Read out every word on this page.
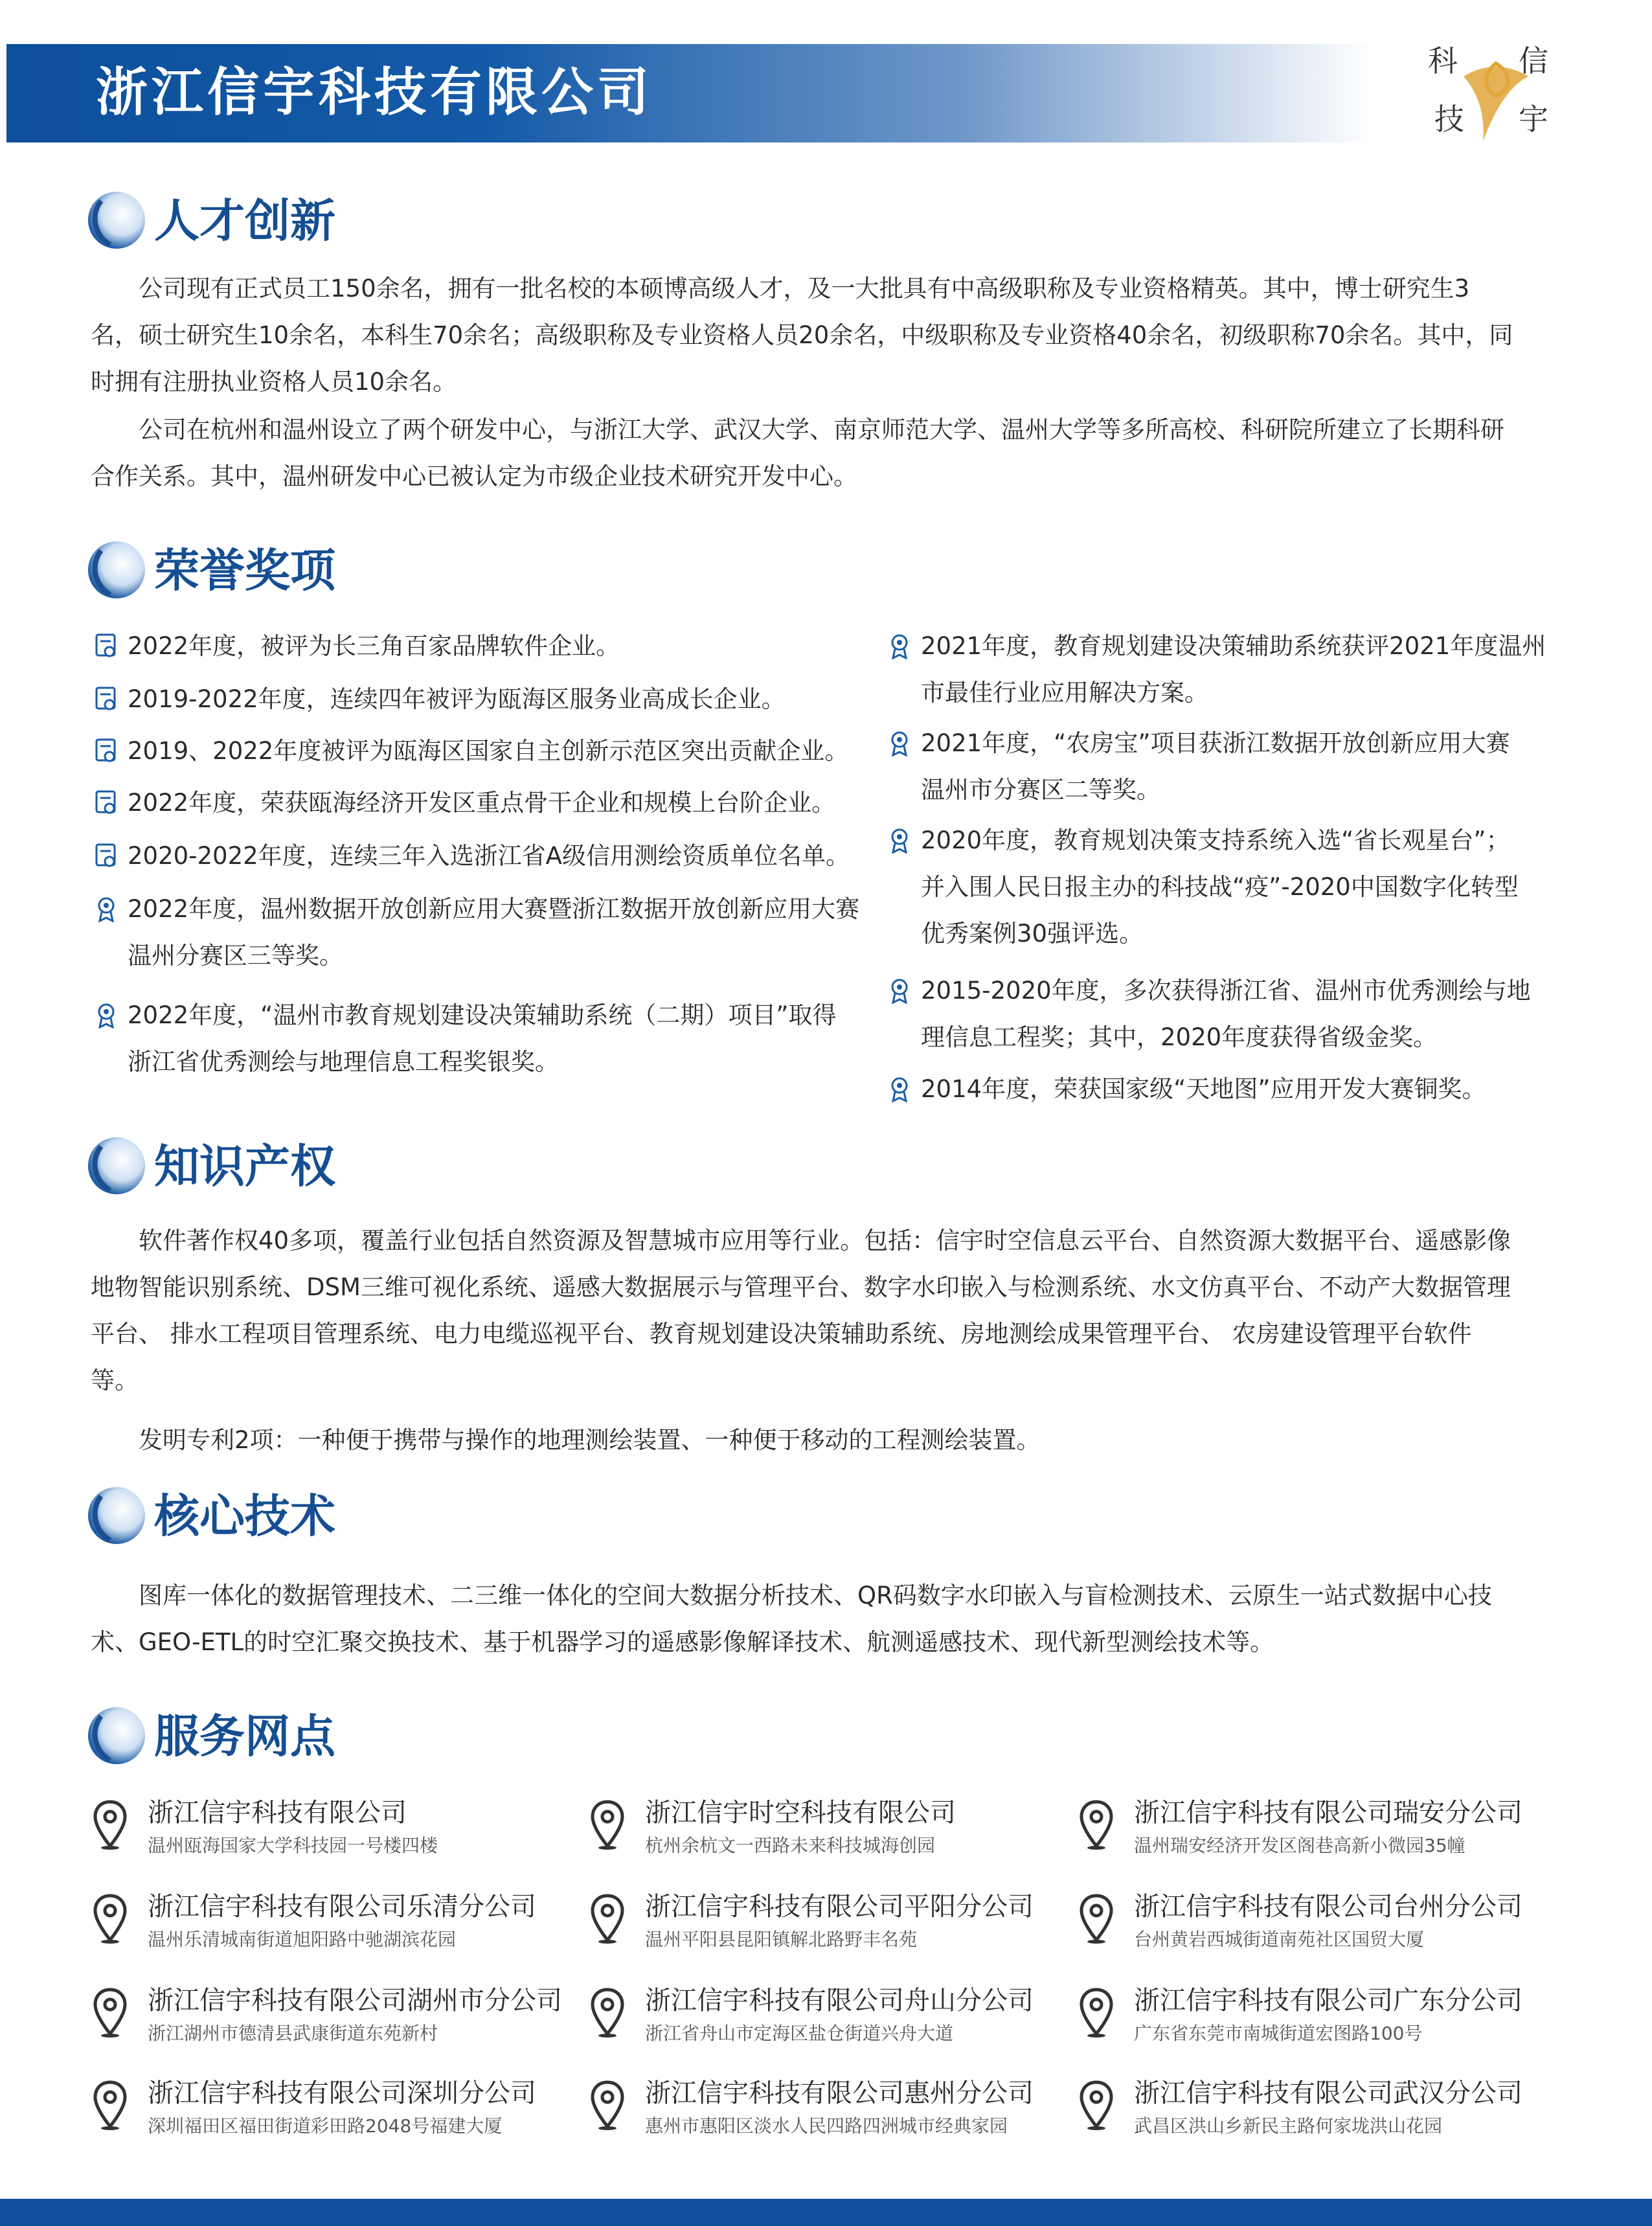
浙江信宇科技有限公司
科 信
技 宇
人才创新

公司现有正式员工150余名，拥有一批名校的本硕博高级人才，及一大批具有中高级职称及专业资格精英。其中，博士研究生3名，硕士研究生10余名，本科生70余名；高级职称及专业资格人员20余名，中级职称及专业资格40余名，初级职称70余名。其中，同时拥有注册执业资格人员10余名。

公司在杭州和温州设立了两个研发中心，与浙江大学、武汉大学、南京师范大学、温州大学等多所高校、科研院所建立了长期科研合作关系。其中，温州研发中心已被认定为市级企业技术研究开发中心。

荣誉奖项
2022年度，被评为长三角百家品牌软件企业。
2019-2022年度，连续四年被评为瓯海区服务业高成长企业。
2019、2022年度被评为瓯海区国家自主创新示范区突出贡献企业。
2022年度，荣获瓯海经济开发区重点骨干企业和规模上台阶企业。
2020-2022年度，连续三年入选浙江省A级信用测绘资质单位名单。
2022年度，温州数据开放创新应用大赛暨浙江数据开放创新应用大赛
温州分赛区三等奖。
2022年度，“温州市教育规划建设决策辅助系统（二期）项目”取得
浙江省优秀测绘与地理信息工程奖银奖。
2021年度，教育规划建设决策辅助系统获评2021年度温州
市最佳行业应用解决方案。
2021年度，“农房宝”项目获浙江数据开放创新应用大赛
温州市分赛区二等奖。
2020年度，教育规划决策支持系统入选“省长观星台”；
并入围人民日报主办的科技战“疫”-2020中国数字化转型
优秀案例30强评选。
2015-2020年度，多次获得浙江省、温州市优秀测绘与地
理信息工程奖；其中，2020年度获得省级金奖。
2014年度，荣获国家级“天地图”应用开发大赛铜奖。
知识产权

软件著作权40多项，覆盖行业包括自然资源及智慧城市应用等行业。包括：信宇时空信息云平台、自然资源大数据平台、遥感影像地物智能识别系统、DSM三维可视化系统、遥感大数据展示与管理平台、数字水印嵌入与检测系统、水文仿真平台、不动产大数据管理平台、 排水工程项目管理系统、电力电缆巡视平台、教育规划建设决策辅助系统、房地测绘成果管理平台、 农房建设管理平台软件等。

发明专利2项：一种便于携带与操作的地理测绘装置、一种便于移动的工程测绘装置。

核心技术

图库一体化的数据管理技术、二三维一体化的空间大数据分析技术、QR码数字水印嵌入与盲检测技术、云原生一站式数据中心技术、GEO-ETL的时空汇聚交换技术、基于机器学习的遥感影像解译技术、航测遥感技术、现代新型测绘技术等。

服务网点
浙江信宇科技有限公司
温州瓯海国家大学科技园一号楼四楼
浙江信宇时空科技有限公司
杭州余杭文一西路未来科技城海创园
浙江信宇科技有限公司瑞安分公司
温州瑞安经济开发区阁巷高新小微园35幢
浙江信宇科技有限公司乐清分公司
温州乐清城南街道旭阳路中驰湖滨花园
浙江信宇科技有限公司平阳分公司
温州平阳县昆阳镇解北路野丰名苑
浙江信宇科技有限公司台州分公司
台州黄岩西城街道南苑社区国贸大厦
浙江信宇科技有限公司湖州市分公司
浙江湖州市德清县武康街道东苑新村
浙江信宇科技有限公司舟山分公司
浙江省舟山市定海区盐仓街道兴舟大道
浙江信宇科技有限公司广东分公司
广东省东莞市南城街道宏图路100号
浙江信宇科技有限公司深圳分公司
深圳福田区福田街道彩田路2048号福建大厦
浙江信宇科技有限公司惠州分公司
惠州市惠阳区淡水人民四路四洲城市经典家园
浙江信宇科技有限公司武汉分公司
武昌区洪山乡新民主路何家垅洪山花园
